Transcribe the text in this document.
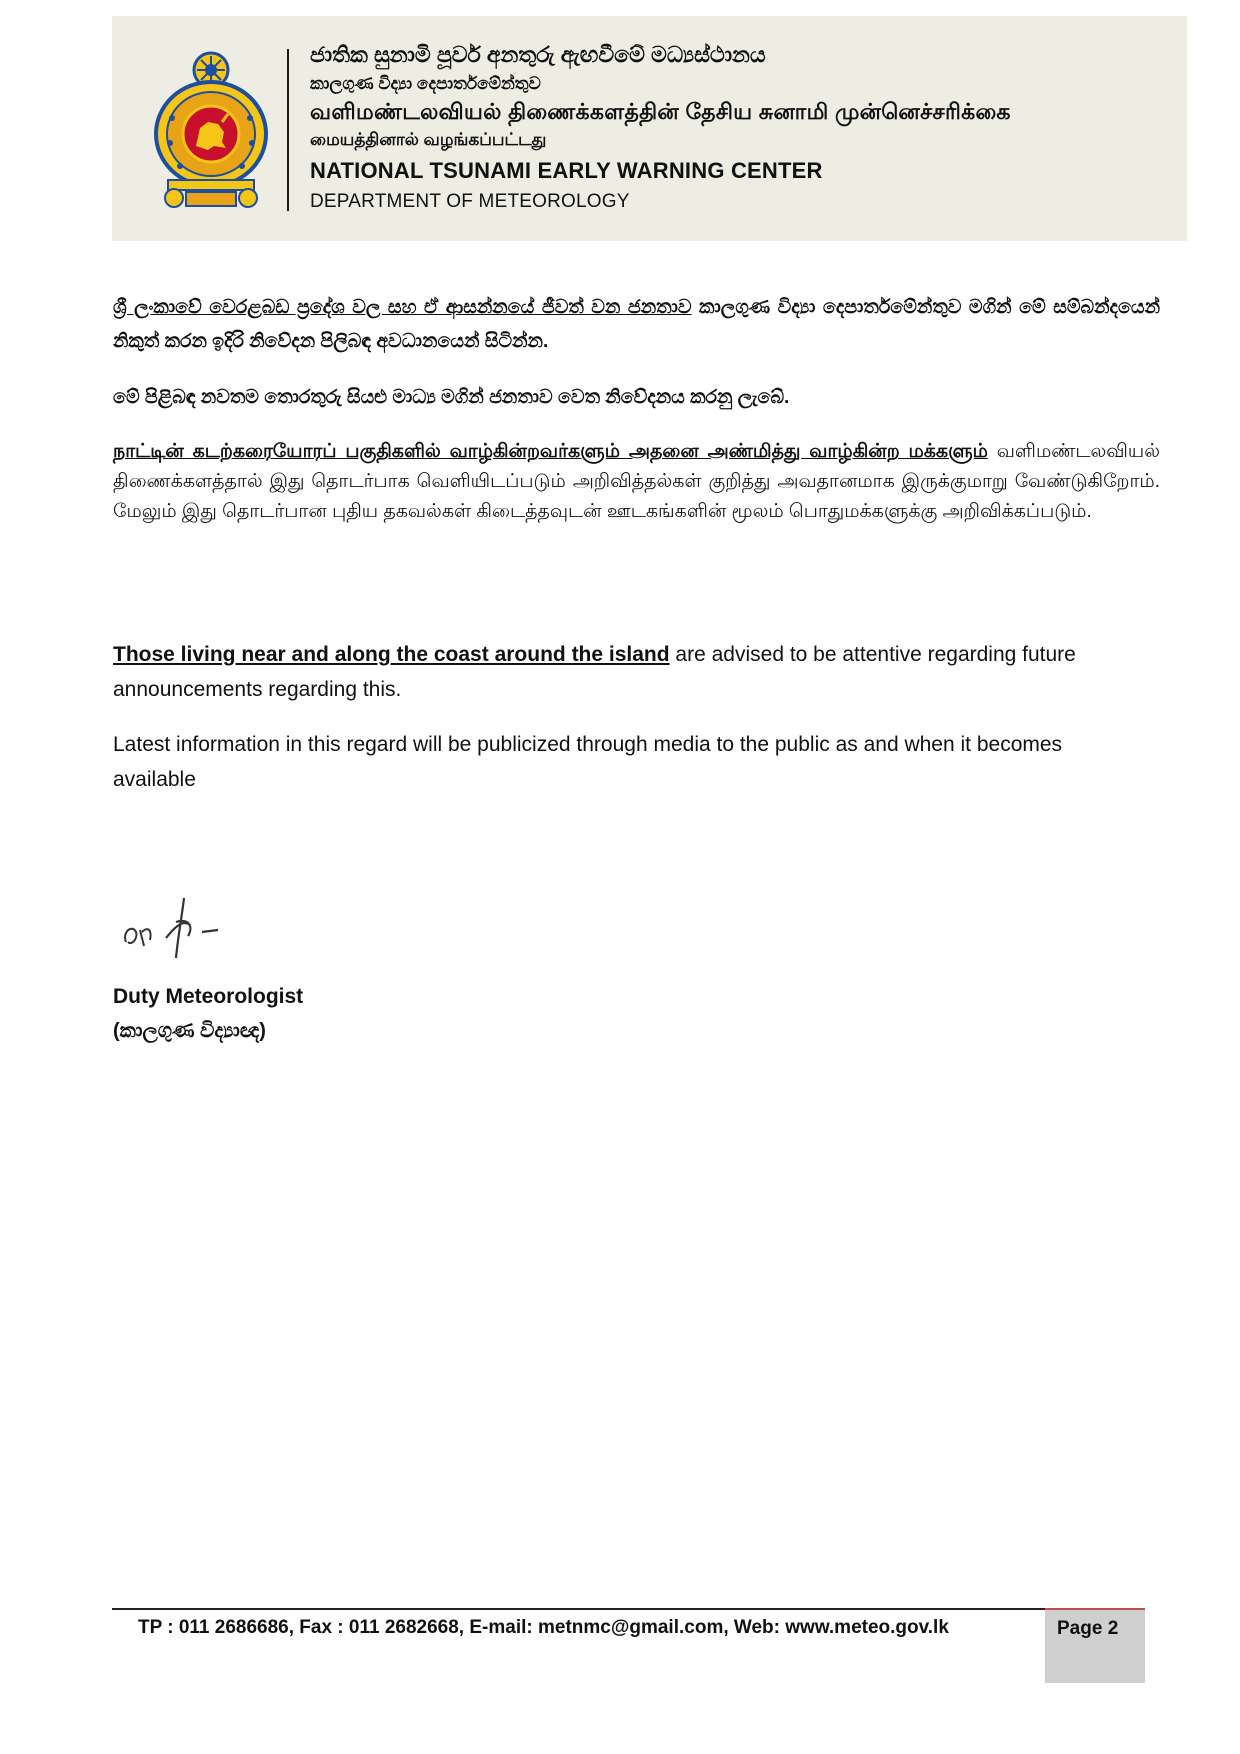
ජාතික සුනාමි පූර්ව අනතුරු ඇඟවීමේ මධ්‍යස්ථානය
කාලගුණ විද්‍යා දෙපාර්තමේන්තුව
வளிமண்டலவியல் திணைக்களத்தின் தேசிய சுனாமி முன்னெச்சரிக்கை
மையத்தினால் வழங்கப்பட்டது
NATIONAL TSUNAMI EARLY WARNING CENTER
DEPARTMENT OF METEOROLOGY
ශ්‍රී ලංකාවේ වෙරළබඩ ප්‍රදේශ වල සහ ඒ ආසන්නයේ ජීවත් වන ජනතාව කාලගුණ විද්‍යා දෙපාර්තමේන්තුව මගින් මේ සම්බන්දයෙන් නිකුත් කරන ඉදිරි නිවේදන පිලිබඳ අවධානයෙන් සිටින්න.
මේ පිළිබඳ නවතම තොරතුරු සියළු මාධ්‍ය මගින් ජනතාව වෙත නිවේදනය කරනු ලැබේ.
நாட்டின் கடற்கரையோரப் பகுதிகளில் வாழ்கின்றவர்களும் அதனை அண்மித்து வாழ்கின்ற மக்களும் வளிமண்டலவியல் திணைக்களத்தால் இது தொடர்பாக வெளியிடப்படும் அறிவித்தல்கள் குறித்து அவதானமாக இருக்குமாறு வேண்டுகிறோம். மேலும் இது தொடர்பான புதிய தகவல்கள் கிடைத்தவுடன் ஊடகங்களின் மூலம் பொதுமக்களுக்கு அறிவிக்கப்படும்.
Those living near and along the coast around the island are advised to be attentive regarding future announcements regarding this.
Latest information in this regard will be publicized through media to the public as and when it becomes available
Duty Meteorologist
(කාලගුණ විද්‍යාඥ)
TP : 011 2686686, Fax : 011 2682668, E-mail: metnmc@gmail.com, Web: www.meteo.gov.lk	Page 2
